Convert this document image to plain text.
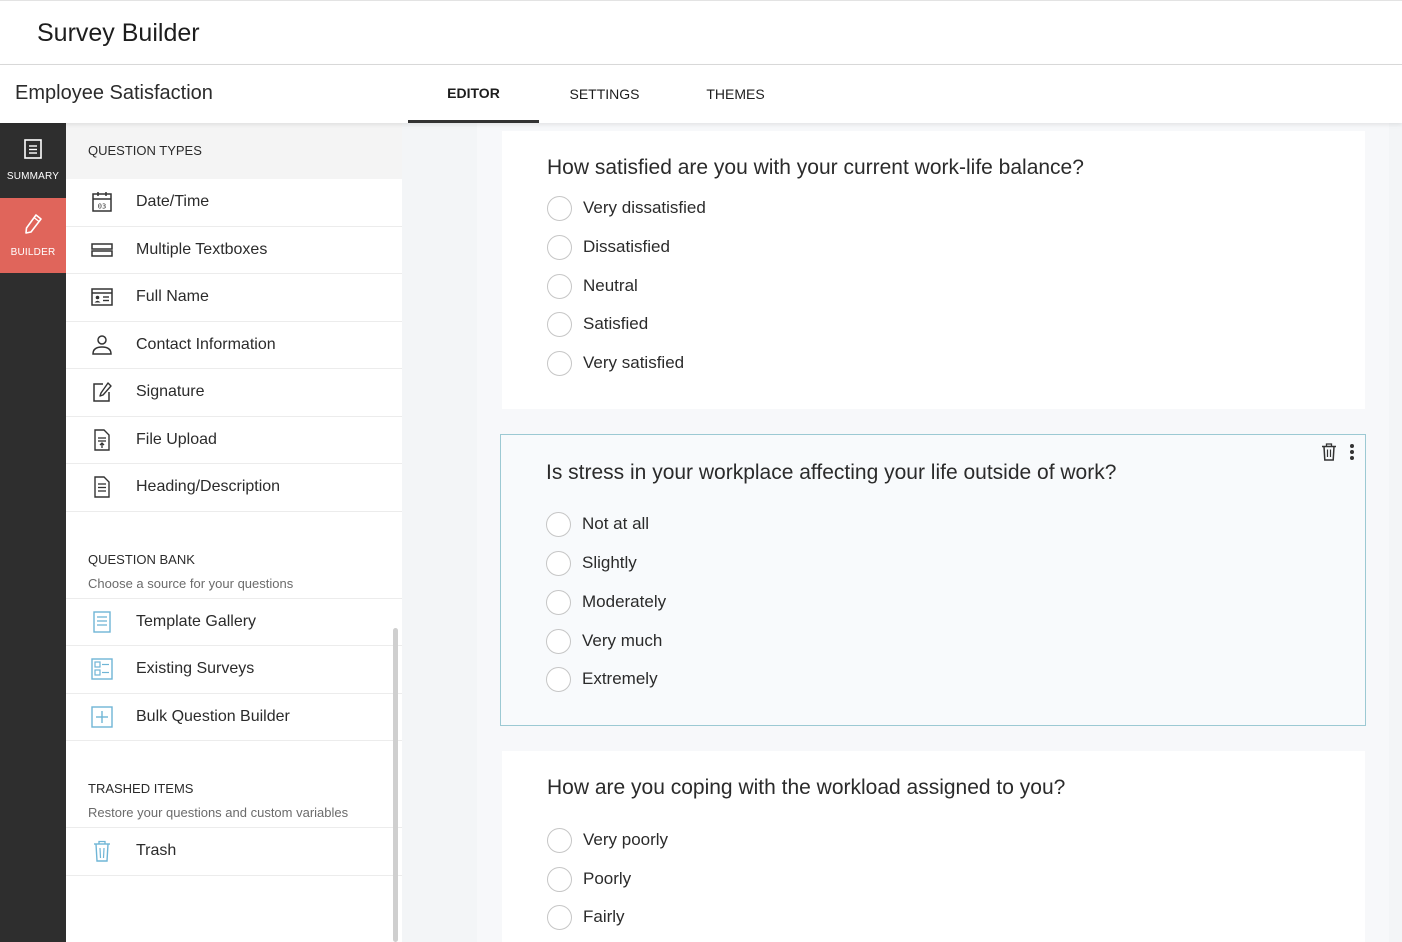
Survey Builder
Employee Satisfaction	EDITOR	SETTINGS	THEMES
SUMMARY
BUILDER
QUESTION TYPES
03 Date/Time
Multiple Textboxes
Full Name
Contact Information
Signature
File Upload
Heading/Description
QUESTION BANK
Choose a source for your questions
Template Gallery
Existing Surveys
Bulk Question Builder
TRASHED ITEMS
Restore your questions and custom variables
Trash
How satisfied are you with your current work-life balance?
Very dissatisfied
Dissatisfied
Neutral
Satisfied
Very satisfied
Is stress in your workplace affecting your life outside of work?
Not at all
Slightly
Moderately
Very much
Extremely
How are you coping with the workload assigned to you?
Very poorly
Poorly
Fairly
